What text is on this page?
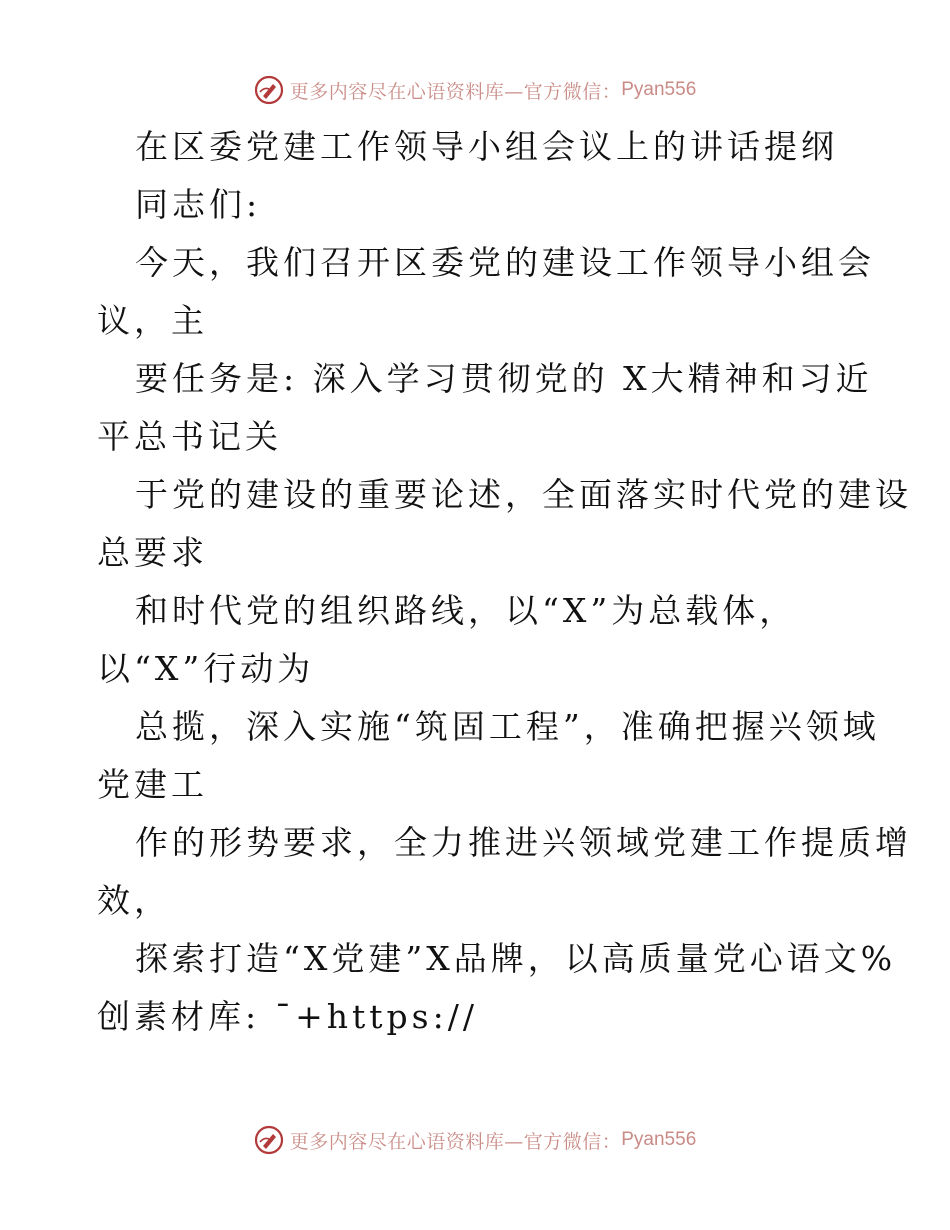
更多内容尽在心语资料库—官方微信： Pyan556
在区委党建工作领导小组会议上的讲话提纲
同志们:
今天，我们召开区委党的建设工作领导小组会
议，主
要任务是: 深入学习贯彻党的 X大精神和习近
平总书记关
于党的建设的重要论述，全面落实时代党的建设
总要求
和时代党的组织路线，以“X”为总载体，
以“X”行动为
总揽，深入实施“筑固工程”，准确把握兴领域
党建工
作的形势要求，全力推进兴领域党建工作提质增
效，
探索打造“X党建”X品牌，以高质量党心语文%
创素材库: ¯+https://
更多内容尽在心语资料库—官方微信： Pyan556
